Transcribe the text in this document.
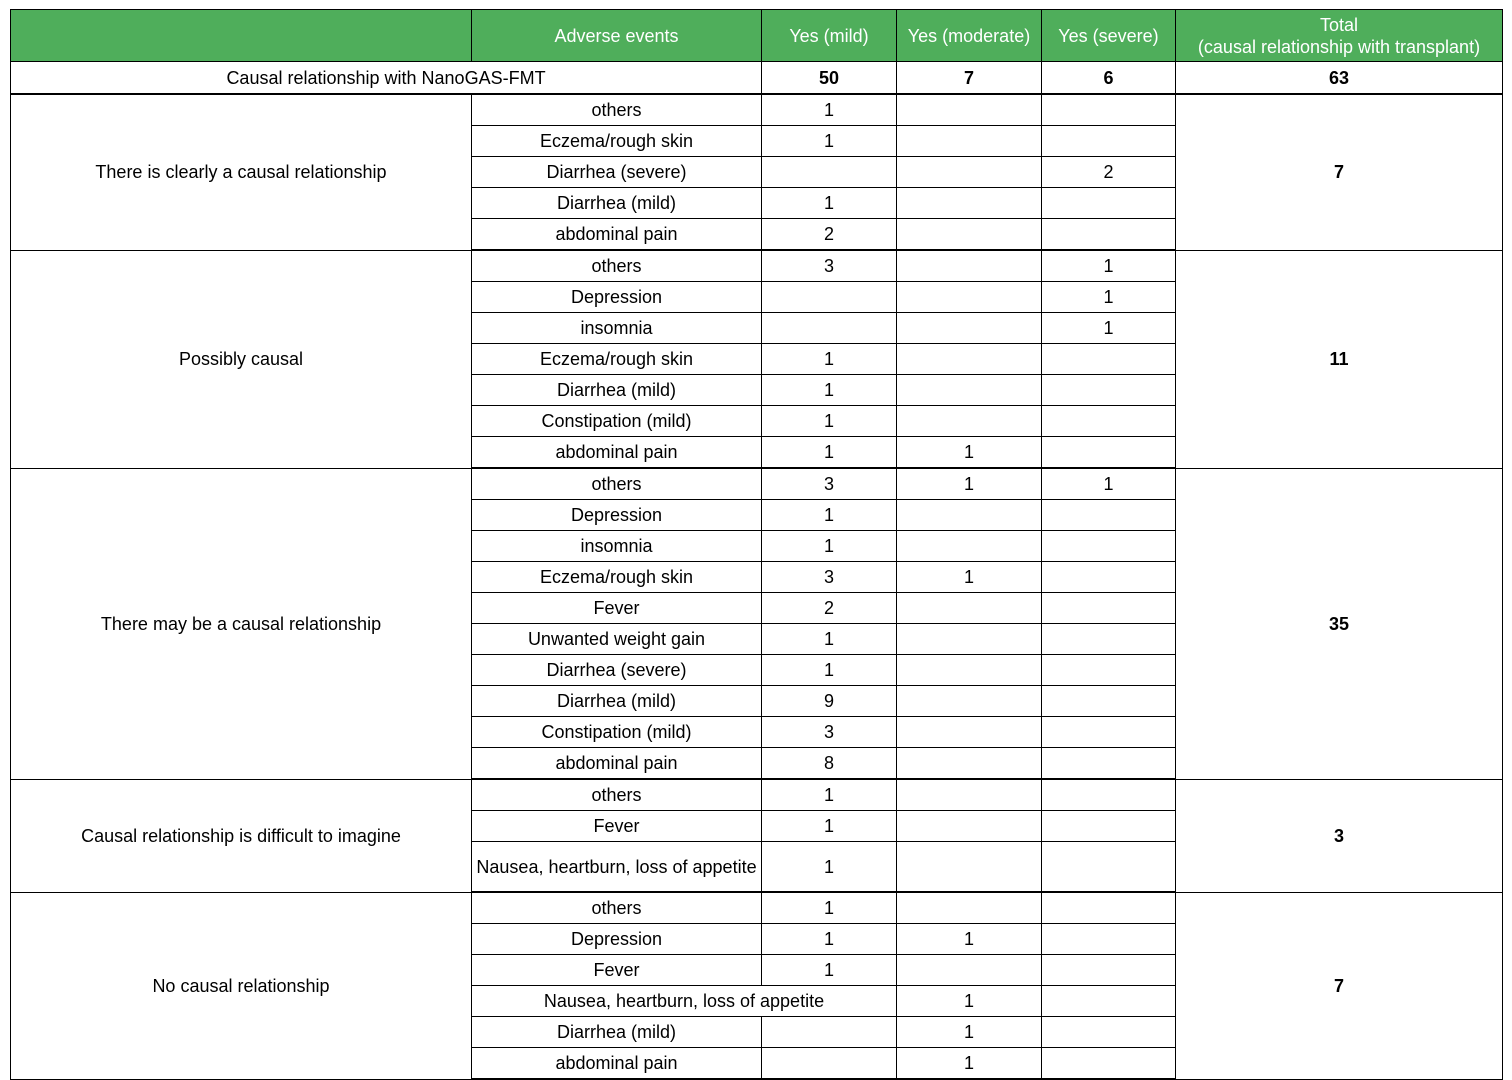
	Adverse events	Yes (mild)	Yes (moderate)	Yes (severe)	Total
(causal relationship with transplant)

Causal relationship with NanoGAS-FMT		50	7	6	63
There is clearly a causal relationship	others	1			7
	Eczema/rough skin	1			
	Diarrhea (severe)			2	
	Diarrhea (mild)	1			
	abdominal pain	2			
Possibly causal	others	3		1	11
	Depression			1	
	insomnia			1	
	Eczema/rough skin	1			
	Diarrhea (mild)	1			
	Constipation (mild)	1			
	abdominal pain	1	1		
There may be a causal relationship	others	3	1	1	35
	Depression	1			
	insomnia	1			
	Eczema/rough skin	3	1		
	Fever	2			
	Unwanted weight gain	1			
	Diarrhea (severe)	1			
	Diarrhea (mild)	9			
	Constipation (mild)	3			
	abdominal pain	8			
Causal relationship is difficult to imagine	others	1			3
	Fever	1			
	Nausea, heartburn, loss of appetite	1			
No causal relationship	others	1			7
	Depression	1	1		
	Fever	1			
	Nausea, heartburn, loss of appetite		1		
	Diarrhea (mild)		1		
	abdominal pain		1		
